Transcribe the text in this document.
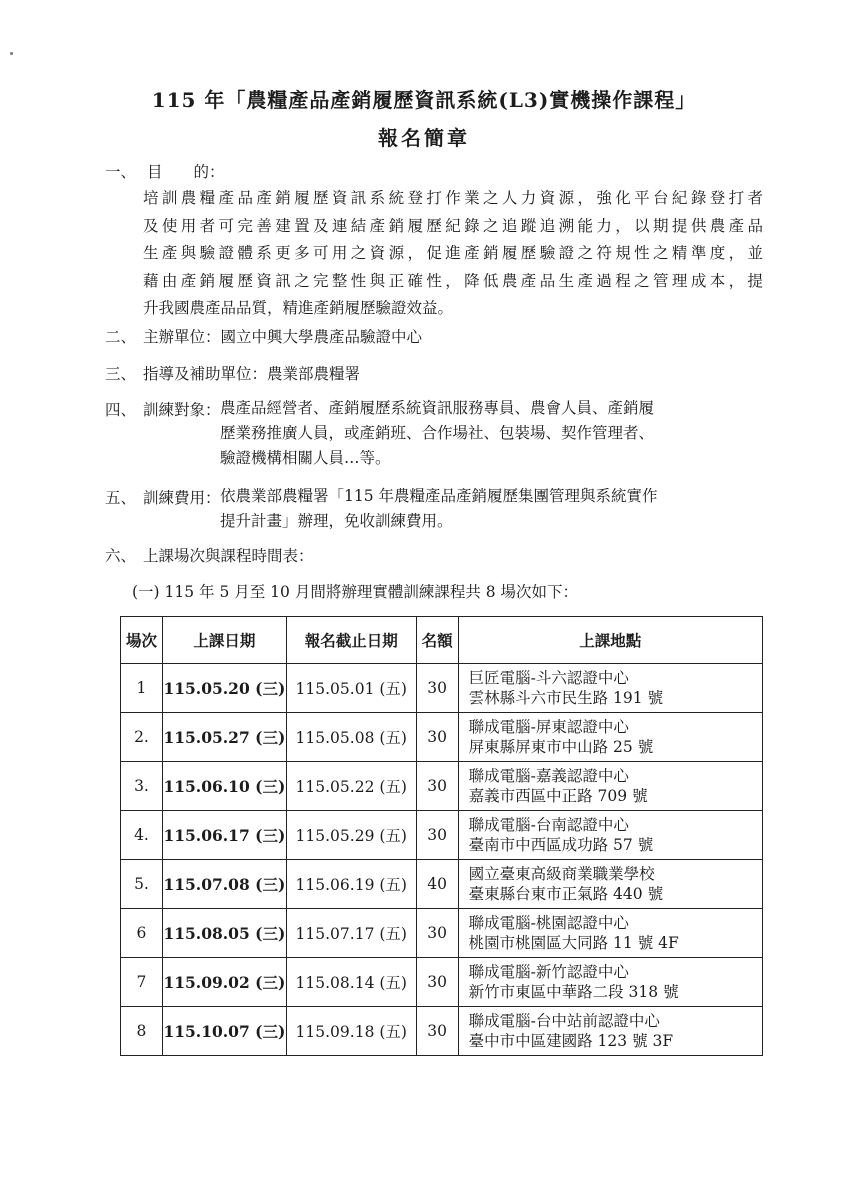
115 年「農糧產品產銷履歷資訊系統(L3)實機操作課程」
報名簡章
一、 目　　的：
培訓農糧產品產銷履歷資訊系統登打作業之人力資源，強化平台紀錄登打者
及使用者可完善建置及連結產銷履歷紀錄之追蹤追溯能力，以期提供農產品
生產與驗證體系更多可用之資源，促進產銷履歷驗證之符規性之精準度，並
藉由產銷履歷資訊之完整性與正確性，降低農產品生產過程之管理成本，提
升我國農產品品質，精進產銷履歷驗證效益。
二、 主辦單位：國立中興大學農產品驗證中心
三、 指導及補助單位：農業部農糧署
四、 訓練對象： 農產品經營者、產銷履歷系統資訊服務專員、農會人員、產銷履
歷業務推廣人員，或產銷班、合作場社、包裝場、契作管理者、
驗證機構相關人員…等。
五、 訓練費用： 依農業部農糧署「115 年農糧產品產銷履歷集團管理與系統實作
提升計畫」辦理，免收訓練費用。
六、 上課場次與課程時間表：
(一) 115 年 5 月至 10 月間將辦理實體訓練課程共 8 場次如下：
場次	上課日期	報名截止日期	名額	上課地點
1	115.05.20 (三)	115.05.01 (五)	30	巨匠電腦-斗六認證中心
雲林縣斗六市民生路 191 號

2.	115.05.27 (三)	115.05.08 (五)	30	聯成電腦-屏東認證中心
屏東縣屏東市中山路 25 號

3.	115.06.10 (三)	115.05.22 (五)	30	聯成電腦-嘉義認證中心
嘉義市西區中正路 709 號

4.	115.06.17 (三)	115.05.29 (五)	30	聯成電腦-台南認證中心
臺南市中西區成功路 57 號

5.	115.07.08 (三)	115.06.19 (五)	40	國立臺東高級商業職業學校
臺東縣台東市正氣路 440 號

6	115.08.05 (三)	115.07.17 (五)	30	聯成電腦-桃園認證中心
桃園市桃園區大同路 11 號 4F

7	115.09.02 (三)	115.08.14 (五)	30	聯成電腦-新竹認證中心
新竹市東區中華路二段 318 號

8	115.10.07 (三)	115.09.18 (五)	30	聯成電腦-台中站前認證中心
臺中市中區建國路 123 號 3F
